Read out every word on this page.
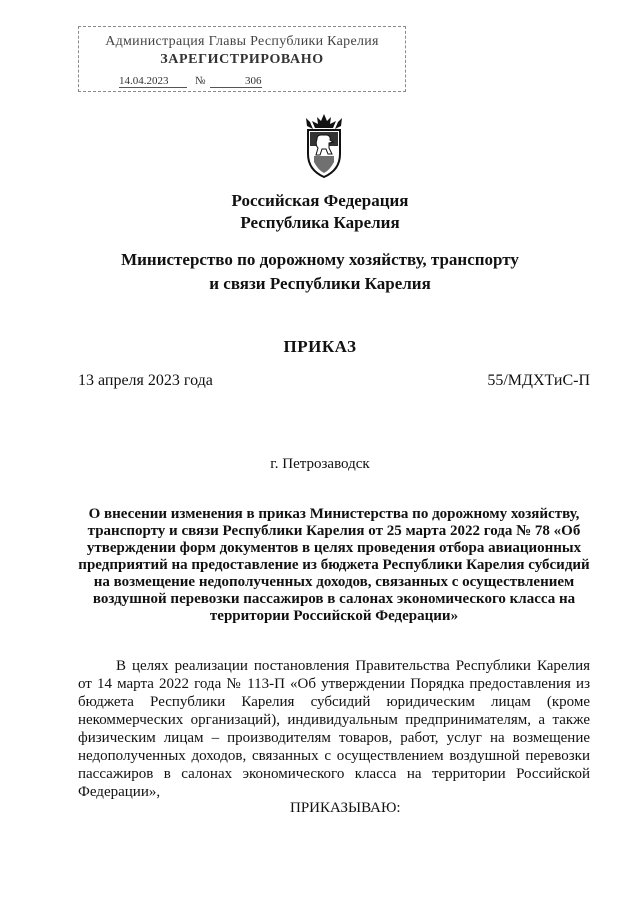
Администрация Главы Республики Карелия
ЗАРЕГИСТРИРОВАНО
14.04.2023 №	306
Российская Федерация
Республика Карелия
Министерство по дорожному хозяйству, транспорту
и связи Республики Карелия
ПРИКАЗ
13 апреля 2023 года	55/МДХТиС-П
г. Петрозаводск
О внесении изменения в приказ Министерства по дорожному хозяйству, транспорту и связи Республики Карелия от 25 марта 2022 года № 78 «Об утверждении форм документов в целях проведения отбора авиационных предприятий на предоставление из бюджета Республики Карелия субсидий на возмещение недополученных доходов, связанных с осуществлением воздушной перевозки пассажиров в салонах экономического класса на территории Российской Федерации»
В целях реализации постановления Правительства Республики Карелия от 14 марта 2022 года № 113-П «Об утверждении Порядка предоставления из бюджета Республики Карелия субсидий юридическим лицам (кроме некоммерческих организаций), индивидуальным предпринимателям, а также физическим лицам – производителям товаров, работ, услуг на возмещение недополученных доходов, связанных с осуществлением воздушной перевозки пассажиров в салонах экономического класса на территории Российской Федерации»,
ПРИКАЗЫВАЮ:
